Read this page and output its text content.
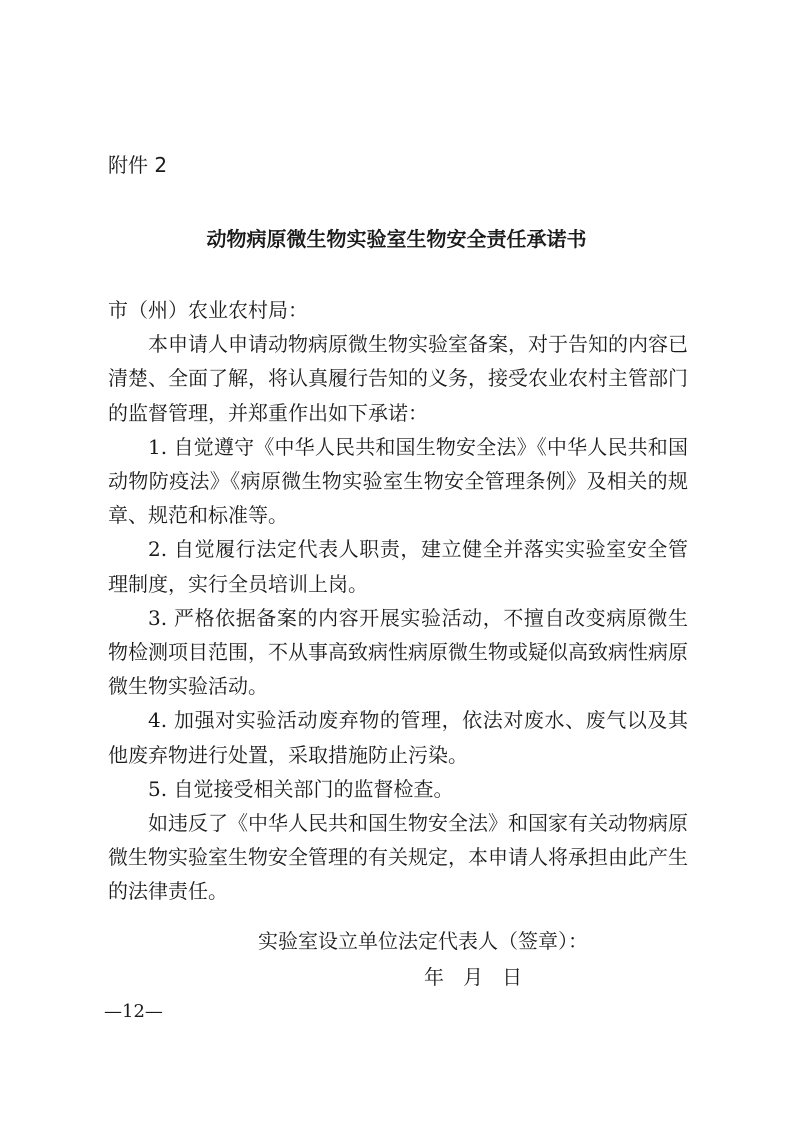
附件 2
动物病原微生物实验室生物安全责任承诺书

市（州）农业农村局：

本申请人申请动物病原微生物实验室备案，对于告知的内容已清楚、全面了解，将认真履行告知的义务，接受农业农村主管部门的监督管理，并郑重作出如下承诺：

1. 自觉遵守《中华人民共和国生物安全法》《中华人民共和国动物防疫法》《病原微生物实验室生物安全管理条例》及相关的规章、规范和标准等。

2. 自觉履行法定代表人职责，建立健全并落实实验室安全管理制度，实行全员培训上岗。

3. 严格依据备案的内容开展实验活动，不擅自改变病原微生物检测项目范围，不从事高致病性病原微生物或疑似高致病性病原微生物实验活动。

4. 加强对实验活动废弃物的管理，依法对废水、废气以及其他废弃物进行处置，采取措施防止污染。

5. 自觉接受相关部门的监督检查。

如违反了《中华人民共和国生物安全法》和国家有关动物病原微生物实验室生物安全管理的有关规定，本申请人将承担由此产生的法律责任。

实验室设立单位法定代表人（签章）：
年   月   日
—12—
